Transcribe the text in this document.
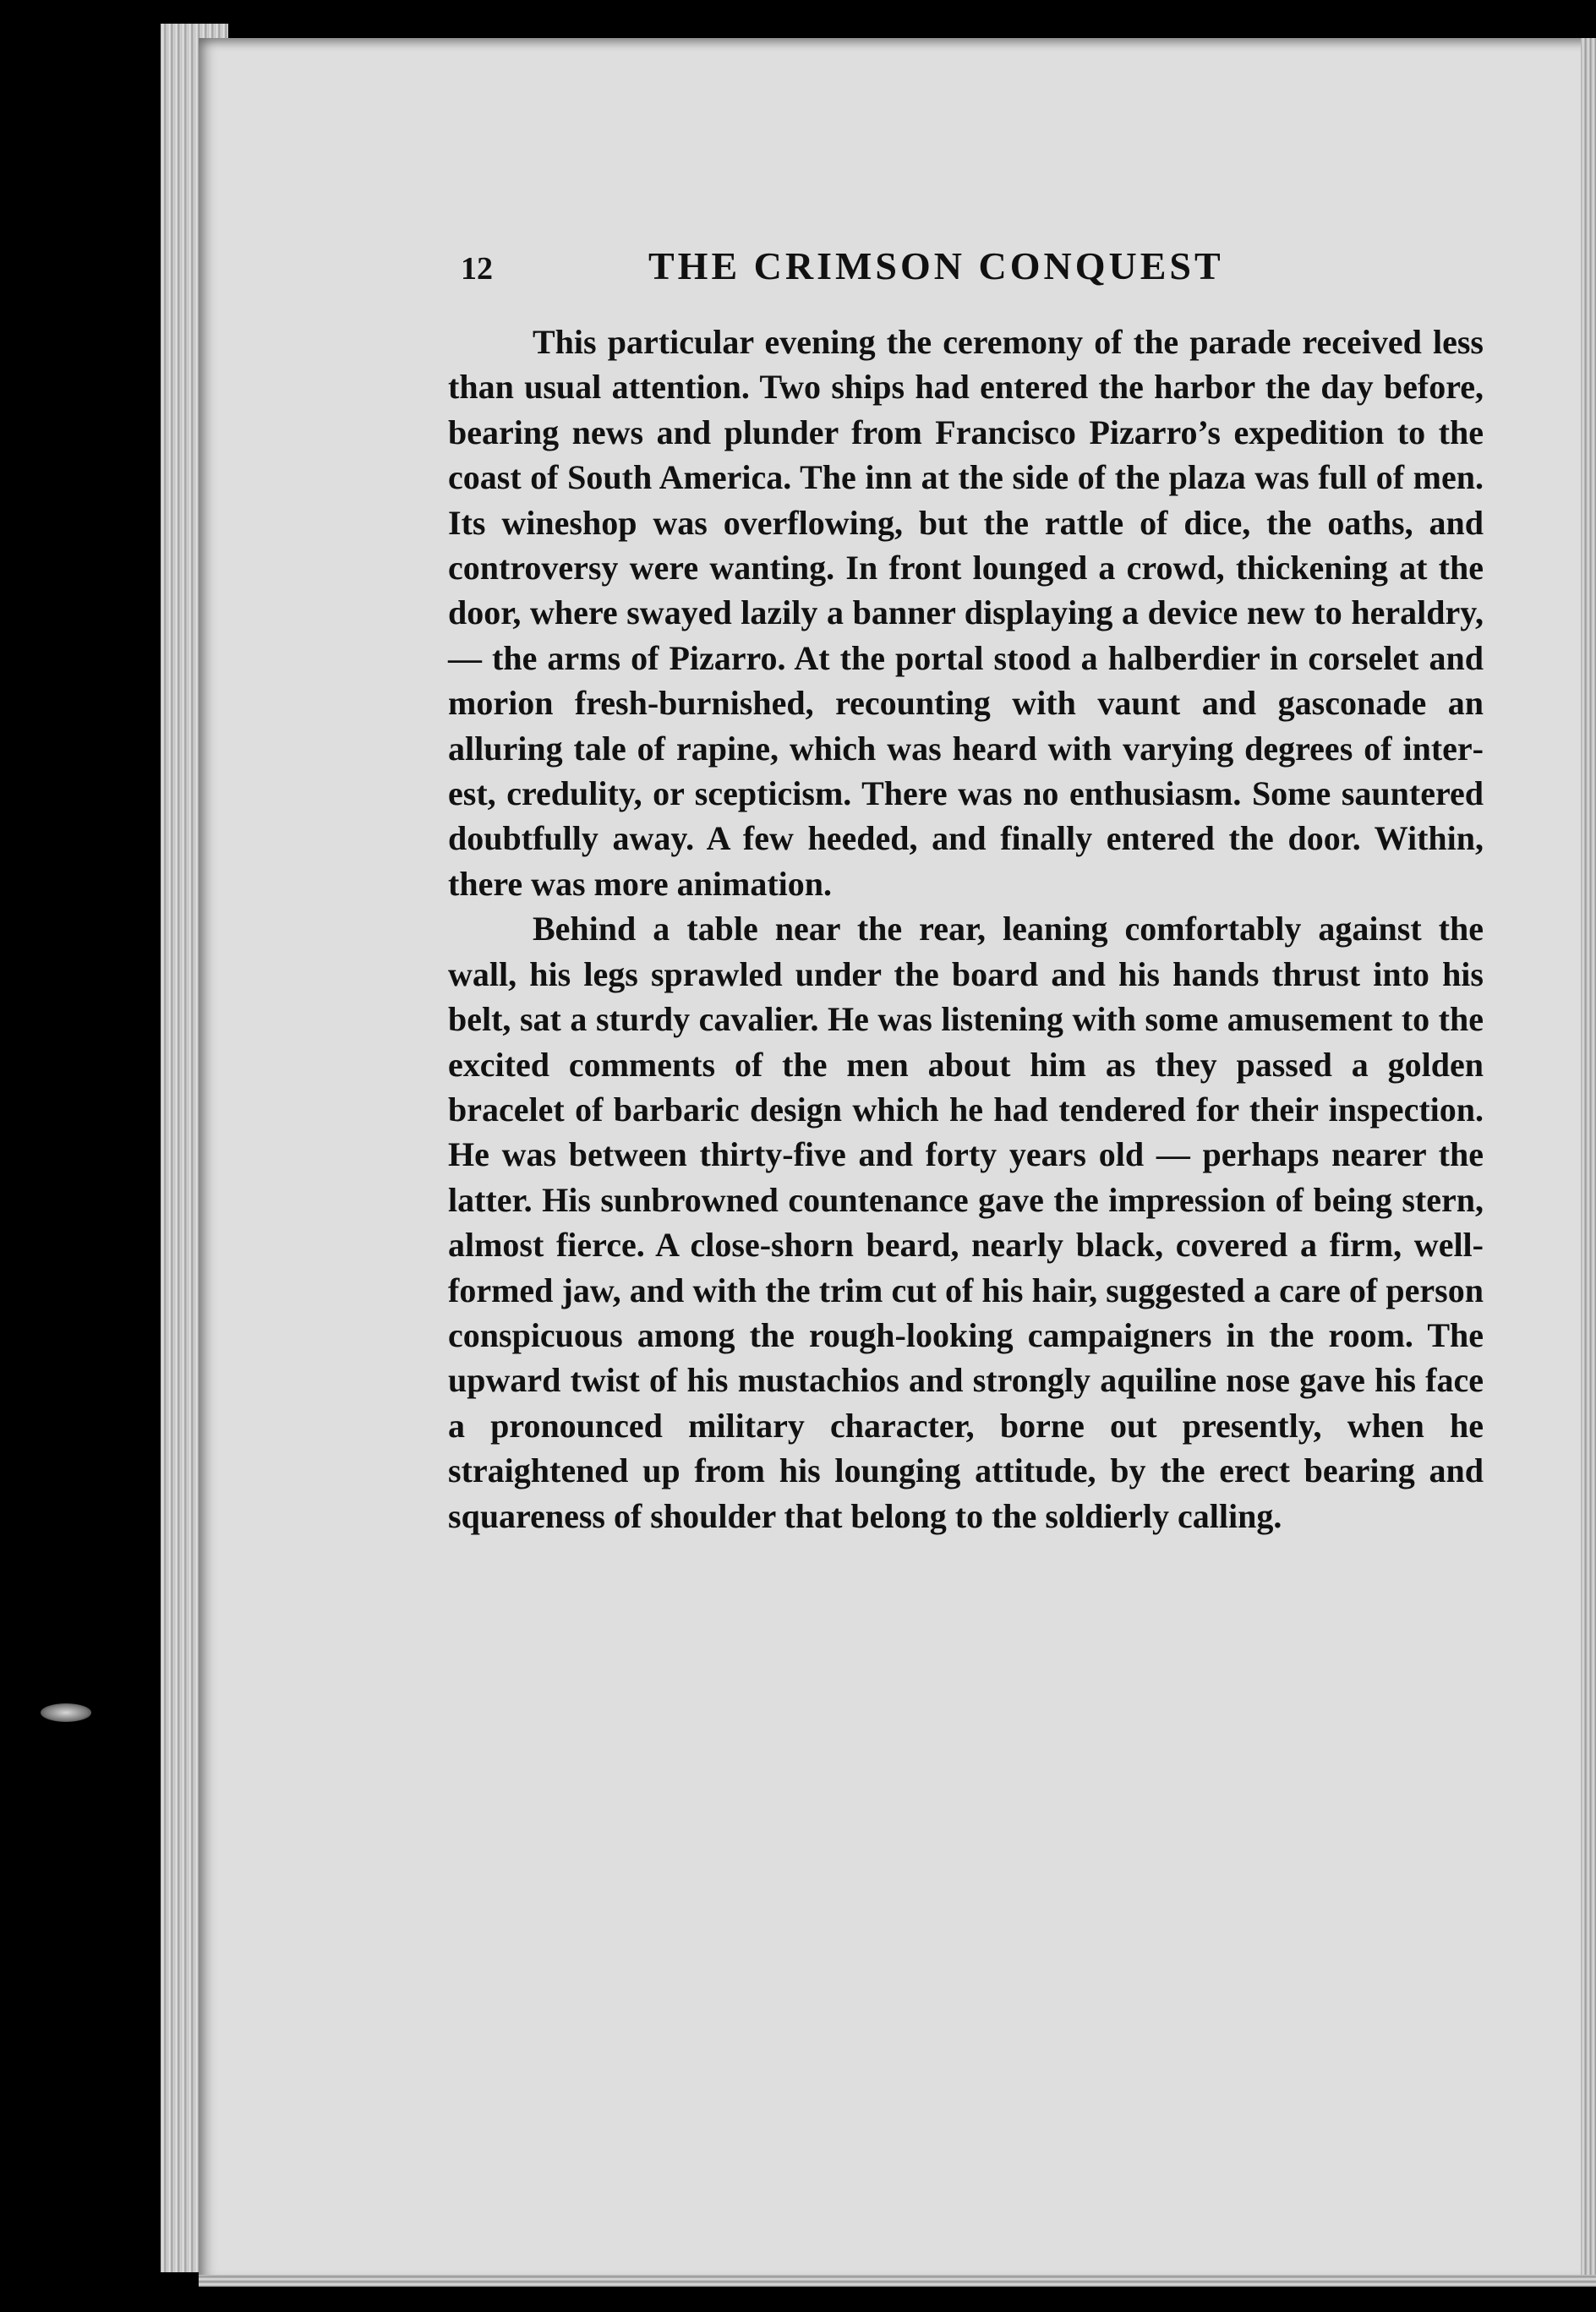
12	THE CRIMSON CONQUEST

This particular evening the ceremony of the parade received less than usual attention. Two ships had entered the harbor the day before, bearing news and plunder from Francisco Pizarro’s expedition to the coast of South America. The inn at the side of the plaza was full of men. Its wineshop was overflowing, but the rattle of dice, the oaths, and controversy were wanting. In front lounged a crowd, thickening at the door, where swayed lazily a banner displaying a device new to heraldry, — the arms of Pizarro. At the portal stood a halberdier in corselet and morion fresh-burnished, recounting with vaunt and gasconade an alluring tale of rapine, which was heard with varying degrees of interest, credulity, or scepticism. There was no enthusiasm. Some sauntered doubtfully away. A few heeded, and finally entered the door. Within, there was more animation.

Behind a table near the rear, leaning comfortably against the wall, his legs sprawled under the board and his hands thrust into his belt, sat a sturdy cavalier. He was listening with some amusement to the excited comments of the men about him as they passed a golden bracelet of barbaric design which he had tendered for their inspection. He was between thirty-five and forty years old — perhaps nearer the latter. His sunbrowned countenance gave the impression of being stern, almost fierce. A close-shorn beard, nearly black, covered a firm, well-formed jaw, and with the trim cut of his hair, suggested a care of person conspicuous among the rough-looking campaigners in the room. The upward twist of his mustachios and strongly aquiline nose gave his face a pronounced military character, borne out presently, when he straightened up from his lounging attitude, by the erect bearing and squareness of shoulder that belong to the soldierly calling.
